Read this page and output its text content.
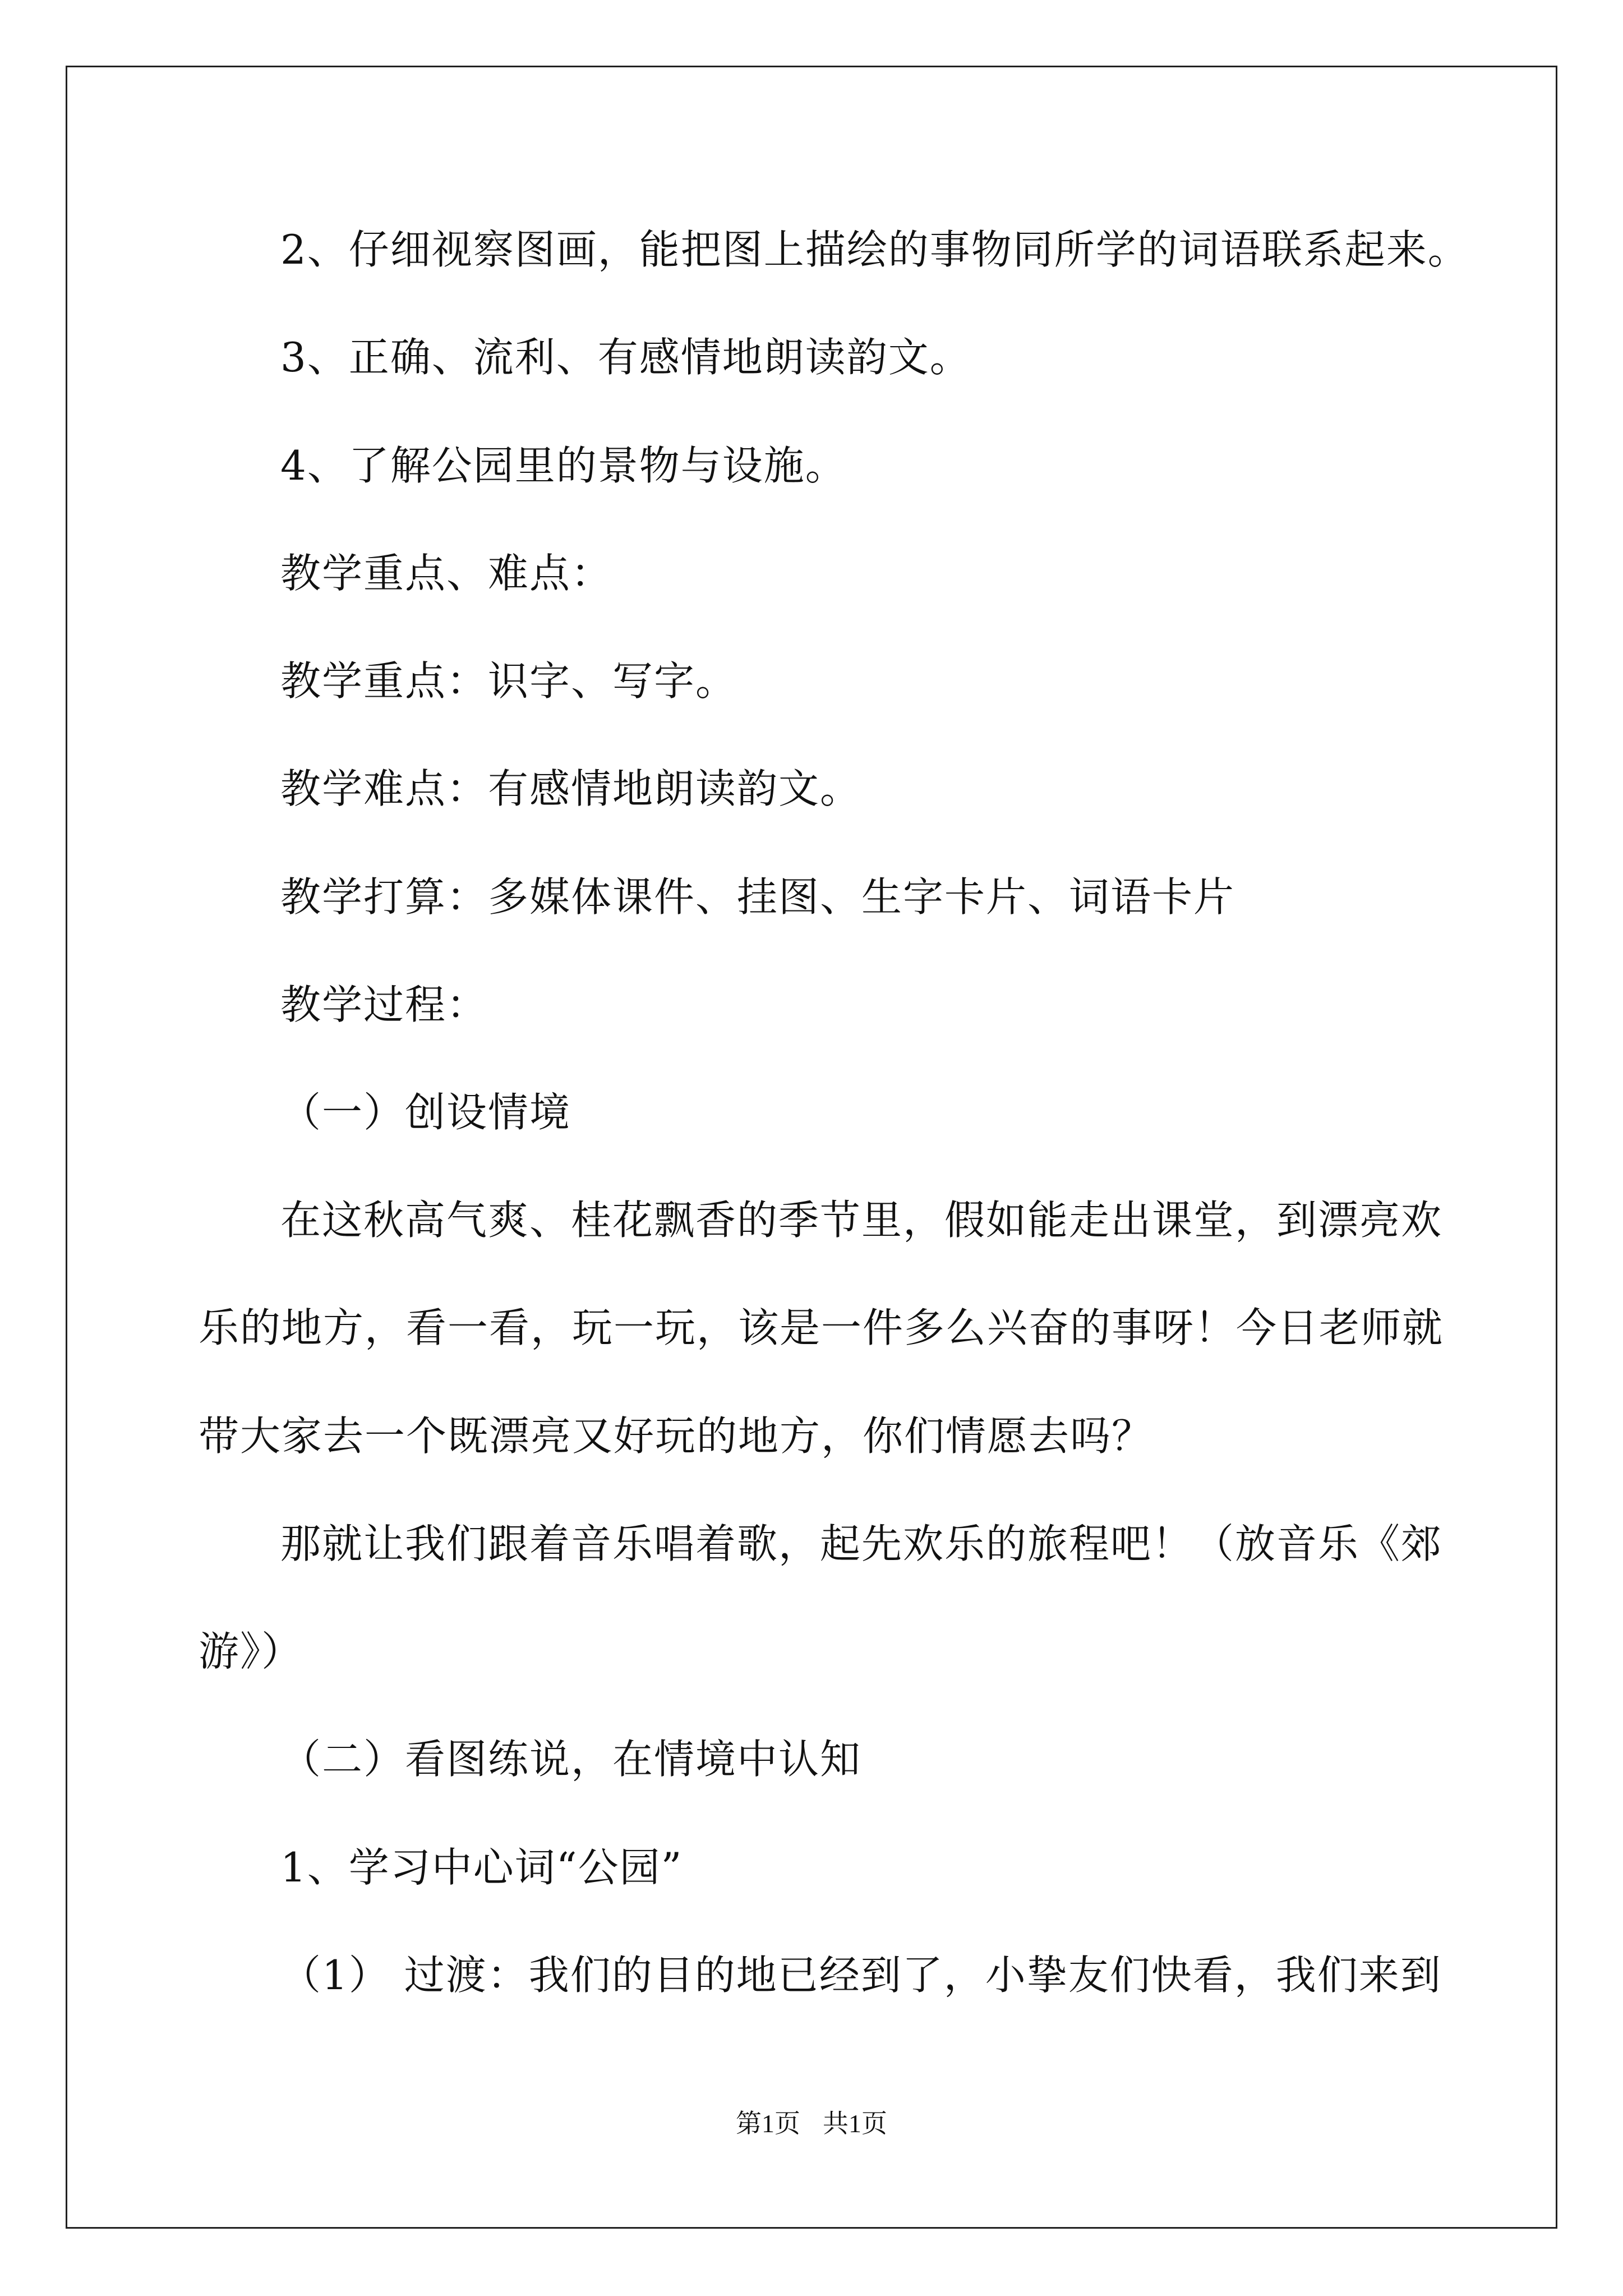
2、仔细视察图画，能把图上描绘的事物同所学的词语联系起来。
3、正确、流利、有感情地朗读韵文。
4、了解公园里的景物与设施。
教学重点、难点：
教学重点：识字、写字。
教学难点：有感情地朗读韵文。
教学打算：多媒体课件、挂图、生字卡片、词语卡片
教学过程：
（一）创设情境
在这秋高气爽、桂花飘香的季节里，假如能走出课堂，到漂亮欢
乐的地方，看一看，玩一玩，该是一件多么兴奋的事呀！今日老师就
带大家去一个既漂亮又好玩的地方，你们情愿去吗？
那就让我们跟着音乐唱着歌，起先欢乐的旅程吧！（放音乐《郊
游》）
（二）看图练说，在情境中认知
1、学习中心词“公园”
（1） 过渡：我们的目的地已经到了，小挚友们快看，我们来到
第1页 共1页
